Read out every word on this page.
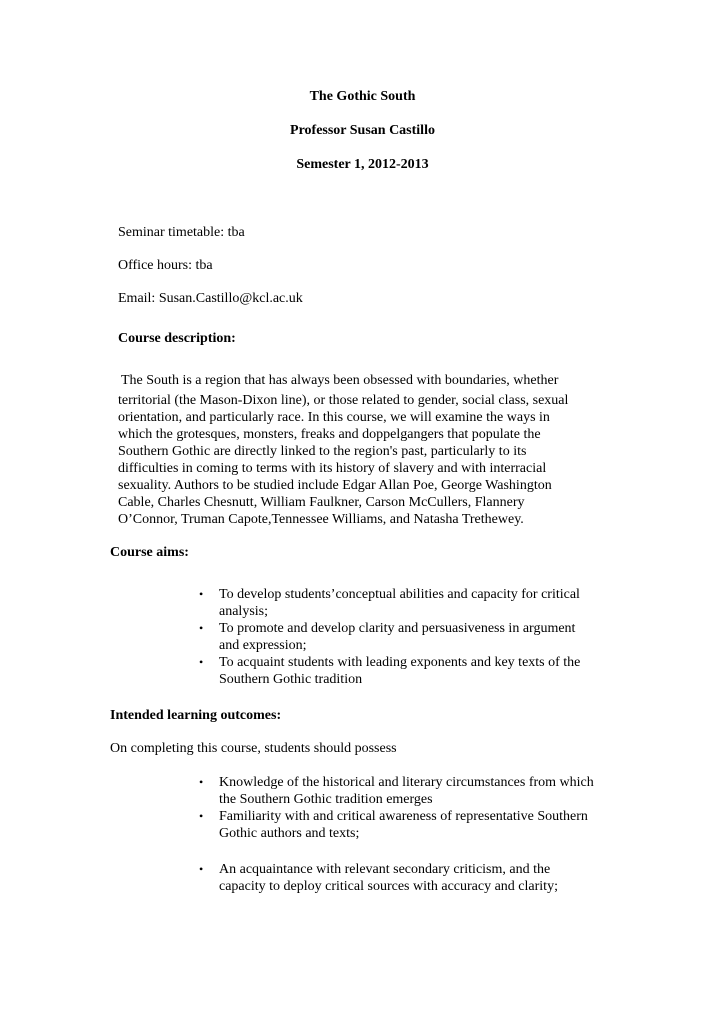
The Gothic South
Professor Susan Castillo
Semester 1, 2012-2013
Seminar timetable: tba
Office hours: tba
Email: Susan.Castillo@kcl.ac.uk
Course description:
The South is a region that has always been obsessed with boundaries, whether
territorial (the Mason-Dixon line), or those related to gender, social class, sexual
orientation, and particularly race. In this course, we will examine the ways in
which the grotesques, monsters, freaks and doppelgangers that populate the
Southern Gothic are directly linked to the region's past, particularly to its
difficulties in coming to terms with its history of slavery and with interracial
sexuality. Authors to be studied include Edgar Allan Poe, George Washington
Cable, Charles Chesnutt, William Faulkner, Carson McCullers, Flannery
O’Connor, Truman Capote,Tennessee Williams, and Natasha Trethewey.
Course aims:
• To develop students’conceptual abilities and capacity for critical
analysis;
• To promote and develop clarity and persuasiveness in argument
and expression;
• To acquaint students with leading exponents and key texts of the
Southern Gothic tradition
Intended learning outcomes:
On completing this course, students should possess
• Knowledge of the historical and literary circumstances from which
the Southern Gothic tradition emerges
• Familiarity with and critical awareness of representative Southern
Gothic authors and texts;
• An acquaintance with relevant secondary criticism, and the
capacity to deploy critical sources with accuracy and clarity;
